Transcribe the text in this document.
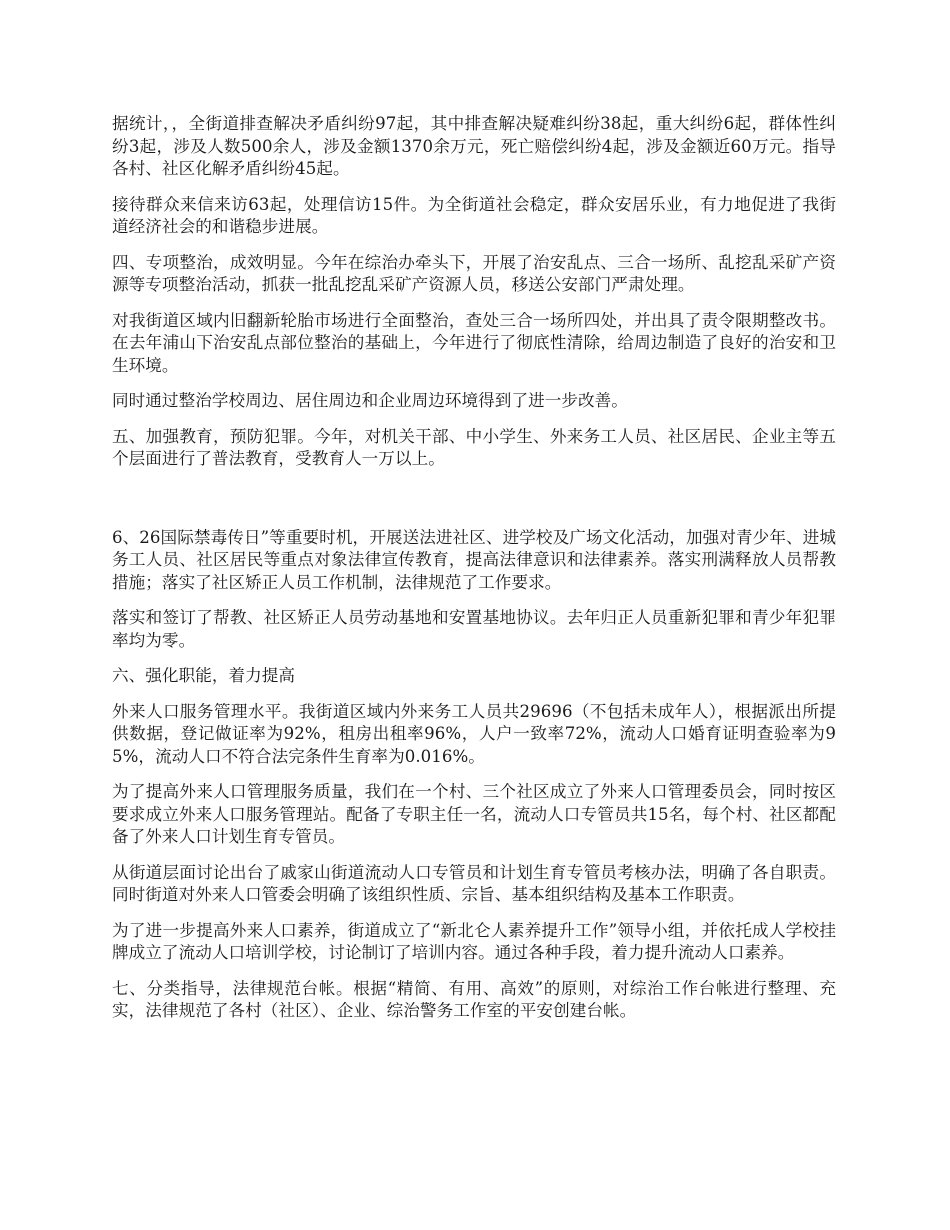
据统计，，全街道排查解决矛盾纠纷97起，其中排查解决疑难纠纷38起，重大纠纷6起，群体性纠纷3起，涉及人数500余人，涉及金额1370余万元，死亡赔偿纠纷4起，涉及金额近60万元。指导各村、社区化解矛盾纠纷45起。

接待群众来信来访63起，处理信访15件。为全街道社会稳定，群众安居乐业，有力地促进了我街道经济社会的和谐稳步进展。

四、专项整治，成效明显。今年在综治办牵头下，开展了治安乱点、三合一场所、乱挖乱采矿产资源等专项整治活动，抓获一批乱挖乱采矿产资源人员，移送公安部门严肃处理。

对我街道区域内旧翻新轮胎市场进行全面整治，查处三合一场所四处，并出具了责令限期整改书。在去年浦山下治安乱点部位整治的基础上，今年进行了彻底性清除，给周边制造了良好的治安和卫生环境。

同时通过整治学校周边、居住周边和企业周边环境得到了进一步改善。

五、加强教育，预防犯罪。今年，对机关干部、中小学生、外来务工人员、社区居民、企业主等五个层面进行了普法教育，受教育人一万以上。

6、26国际禁毒传日”等重要时机，开展送法进社区、进学校及广场文化活动，加强对青少年、进城务工人员、社区居民等重点对象法律宣传教育，提高法律意识和法律素养。落实刑满释放人员帮教措施；落实了社区矫正人员工作机制，法律规范了工作要求。

落实和签订了帮教、社区矫正人员劳动基地和安置基地协议。去年归正人员重新犯罪和青少年犯罪率均为零。

六、强化职能，着力提高

外来人口服务管理水平。我街道区域内外来务工人员共29696（不包括未成年人），根据派出所提供数据，登记做证率为92%，租房出租率96%，人户一致率72%，流动人口婚育证明查验率为95%，流动人口不符合法完条件生育率为0.016%。

为了提高外来人口管理服务质量，我们在一个村、三个社区成立了外来人口管理委员会，同时按区要求成立外来人口服务管理站。配备了专职主任一名，流动人口专管员共15名，每个村、社区都配备了外来人口计划生育专管员。

从街道层面讨论出台了戚家山街道流动人口专管员和计划生育专管员考核办法，明确了各自职责。同时街道对外来人口管委会明确了该组织性质、宗旨、基本组织结构及基本工作职责。

为了进一步提高外来人口素养，街道成立了“新北仑人素养提升工作”领导小组，并依托成人学校挂牌成立了流动人口培训学校，讨论制订了培训内容。通过各种手段，着力提升流动人口素养。

七、分类指导，法律规范台帐。根据“精简、有用、高效”的原则，对综治工作台帐进行整理、充实，法律规范了各村（社区）、企业、综治警务工作室的平安创建台帐。
